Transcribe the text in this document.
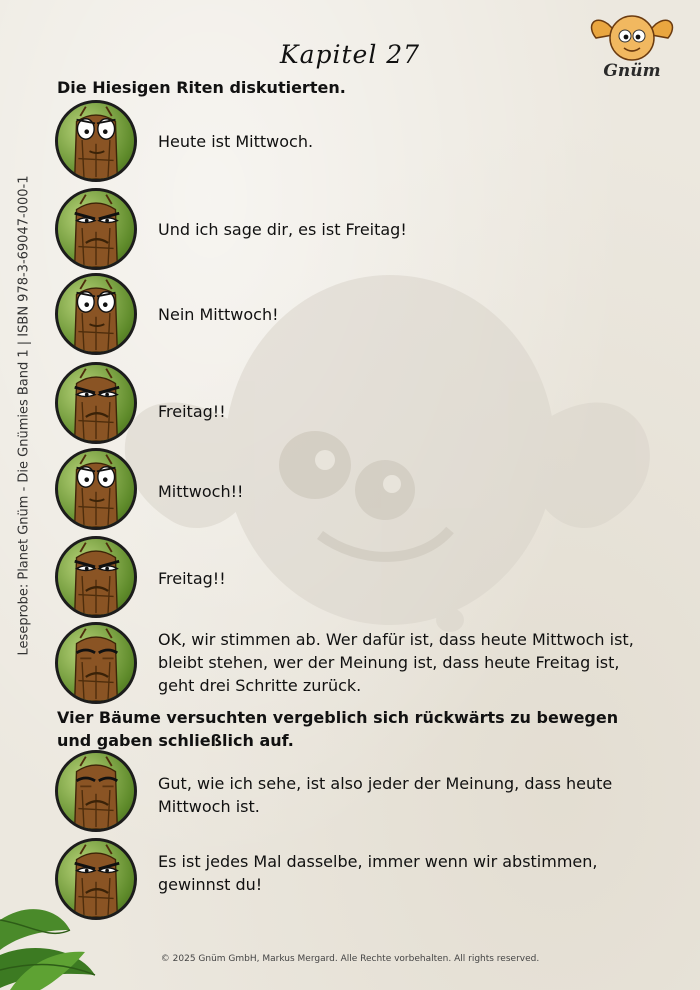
Gnüm
Kapitel 27
Leseprobe: Planet Gnüm - Die Gnümies Band 1 | ISBN 978-3-69047-000-1
Die Hiesigen Riten diskutierten.
Vier Bäume versuchten vergeblich sich rückwärts zu bewegen und gaben schließlich auf.
Heute ist Mittwoch.
Und ich sage dir, es ist Freitag!
Nein Mittwoch!
Freitag!!
Mittwoch!!
Freitag!!
OK, wir stimmen ab. Wer dafür ist, dass heute Mittwoch ist, bleibt stehen, wer der Meinung ist, dass heute Freitag ist, geht drei Schritte zurück.
Gut, wie ich sehe, ist also jeder der Meinung, dass heute Mittwoch ist.
Es ist jedes Mal dasselbe, immer wenn wir abstimmen, gewinnst du!
© 2025 Gnüm GmbH, Markus Mergard. Alle Rechte vorbehalten. All rights reserved.
